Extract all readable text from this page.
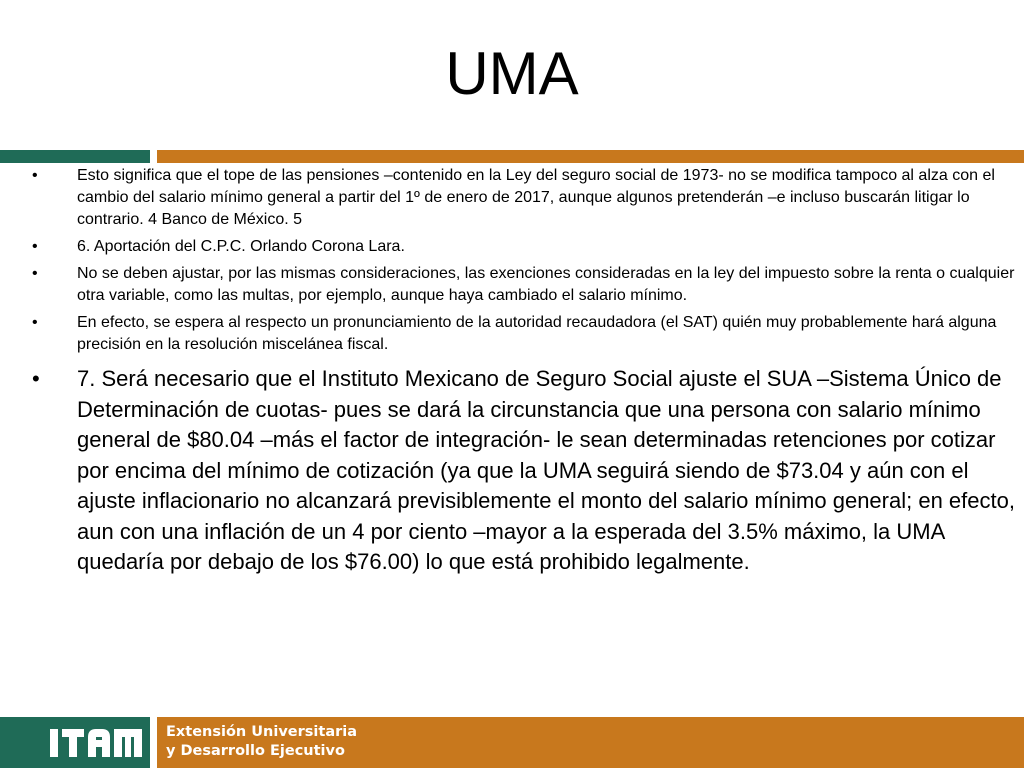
UMA
• Esto significa que el tope de las pensiones –contenido en la Ley del seguro social de 1973- no se modifica tampoco al alza con el cambio del salario mínimo general a partir del 1º de enero de 2017, aunque algunos pretenderán –e incluso buscarán litigar lo contrario. 4 Banco de México. 5
• 6. Aportación del C.P.C. Orlando Corona Lara.
• No se deben ajustar, por las mismas consideraciones, las exenciones consideradas en la ley del impuesto sobre la renta o cualquier otra variable, como las multas, por ejemplo, aunque haya cambiado el salario mínimo.
• En efecto, se espera al respecto un pronunciamiento de la autoridad recaudadora (el SAT) quién muy probablemente hará alguna precisión en la resolución miscelánea fiscal.
• 7. Será necesario que el Instituto Mexicano de Seguro Social ajuste el SUA –Sistema Único de Determinación de cuotas- pues se dará la circunstancia que una persona con salario mínimo general de $80.04 –más el factor de integración- le sean determinadas retenciones por cotizar por encima del mínimo de cotización (ya que la UMA seguirá siendo de $73.04 y aún con el ajuste inflacionario no alcanzará previsiblemente el monto del salario mínimo general; en efecto, aun con una inflación de un 4 por ciento –mayor a la esperada del 3.5% máximo, la UMA quedaría por debajo de los $76.00) lo que está prohibido legalmente.
Extensión Universitaria
y Desarrollo Ejecutivo
